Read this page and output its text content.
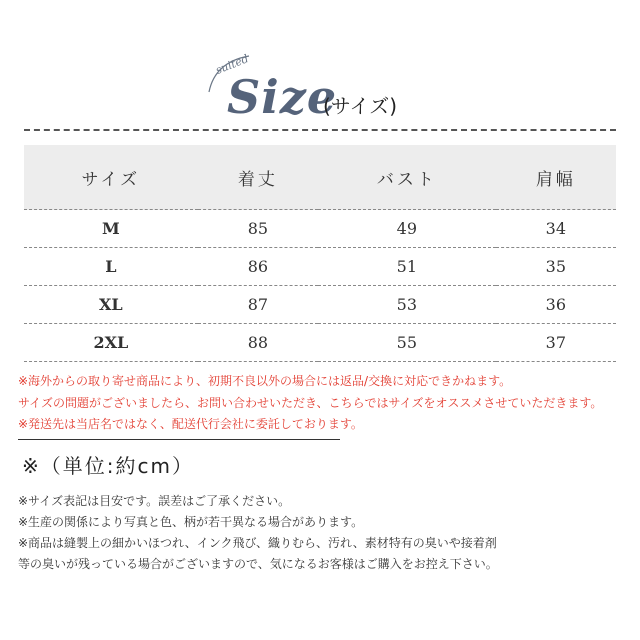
suited
Size
(サイズ)
サイズ	着丈	バスト	肩幅
M	85	49	34
L	86	51	35
XL	87	53	36
2XL	88	55	37
※海外からの取り寄せ商品により、初期不良以外の場合には返品/交換に対応できかねます。
サイズの問題がございましたら、お問い合わせいただき、こちらではサイズをオススメさせていただきます。
※発送先は当店名ではなく、配送代行会社に委託しております。
※（単位:約cm）
※サイズ表記は目安です。誤差はご了承ください。
※生産の関係により写真と色、柄が若干異なる場合があります。
※商品は縫製上の細かいほつれ、インク飛び、織りむら、汚れ、素材特有の臭いや接着剤
等の臭いが残っている場合がございますので、気になるお客様はご購入をお控え下さい。
